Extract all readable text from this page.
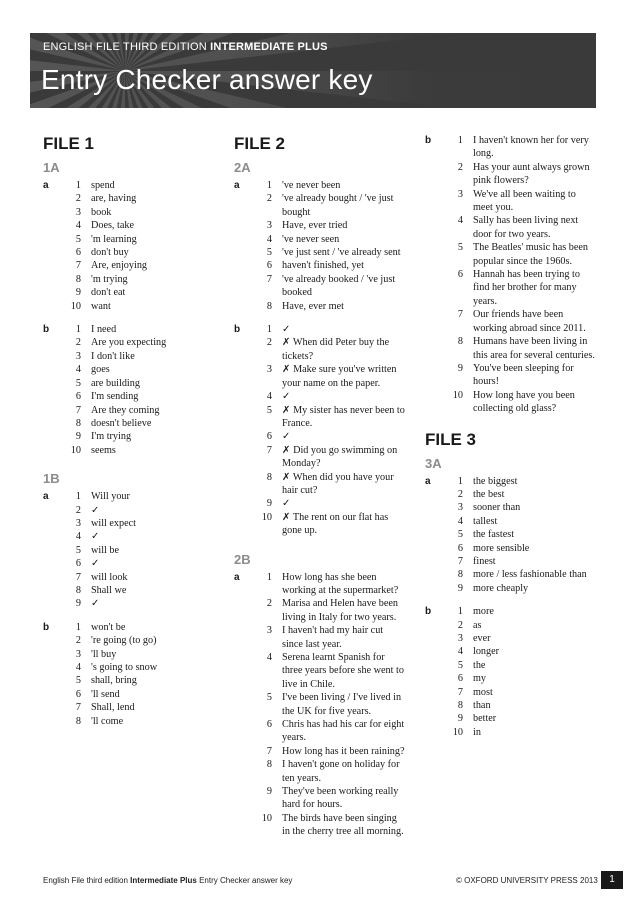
ENGLISH FILE THIRD EDITION INTERMEDIATE PLUS
Entry Checker answer key
FILE 1
1A
a	1 spend
2 are, having
3 book
4 Does, take
5 'm learning
6 don't buy
7 Are, enjoying
8 'm trying
9 don't eat
10 want
b	1 I need
2 Are you expecting
3 I don't like
4 goes
5 are building
6 I'm sending
7 Are they coming
8 doesn't believe
9 I'm trying
10 seems
1B
a	1 Will your
2 ✓
3 will expect
4 ✓
5 will be
6 ✓
7 will look
8 Shall we
9 ✓
b	1 won't be
2 're going (to go)
3 'll buy
4 's going to snow
5 shall, bring
6 'll send
7 Shall, lend
8 'll come
FILE 2
2A
a	1 've never been
2 've already bought / 've just bought
3 Have, ever tried
4 've never seen
5 've just sent / 've already sent
6 haven't finished, yet
7 've already booked / 've just booked
8 Have, ever met
b	1 ✓
2 ✗ When did Peter buy the tickets?
3 ✗ Make sure you've written your name on the paper.
4 ✓
5 ✗ My sister has never been to France.
6 ✓
7 ✗ Did you go swimming on Monday?
8 ✗ When did you have your hair cut?
9 ✓
10 ✗ The rent on our flat has gone up.
2B
a	1 How long has she been working at the supermarket?
2 Marisa and Helen have been living in Italy for two years.
3 I haven't had my hair cut since last year.
4 Serena learnt Spanish for three years before she went to live in Chile.
5 I've been living / I've lived in the UK for five years.
6 Chris has had his car for eight years.
7 How long has it been raining?
8 I haven't gone on holiday for ten years.
9 They've been working really hard for hours.
10 The birds have been singing in the cherry tree all morning.
b	1 I haven't known her for very long.
2 Has your aunt always grown pink flowers?
3 We've all been waiting to meet you.
4 Sally has been living next door for two years.
5 The Beatles' music has been popular since the 1960s.
6 Hannah has been trying to find her brother for many years.
7 Our friends have been working abroad since 2011.
8 Humans have been living in this area for several centuries.
9 You've been sleeping for hours!
10 How long have you been collecting old glass?
FILE 3
3A
a	1 the biggest
2 the best
3 sooner than
4 tallest
5 the fastest
6 more sensible
7 finest
8 more / less fashionable than
9 more cheaply
b	1 more
2 as
3 ever
4 longer
5 the
6 my
7 most
8 than
9 better
10 in
English File third edition Intermediate Plus Entry Checker answer key	© OXFORD UNIVERSITY PRESS 2013	1
